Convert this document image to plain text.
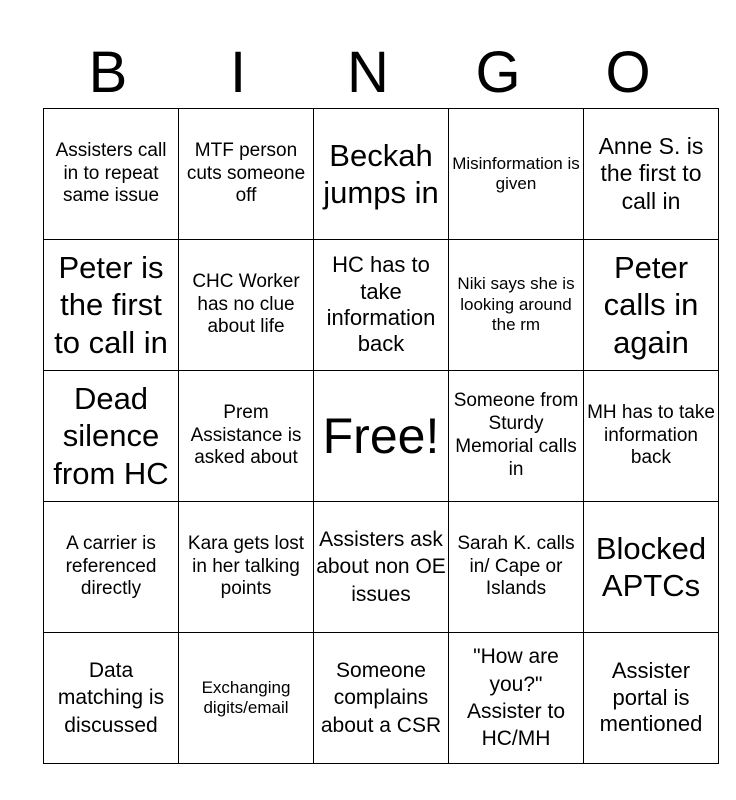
B	I	N	G	O
Assisters call in to repeat same issue	MTF person cuts someone off	Beckah jumps in	Misinformation is given	Anne S. is the first to call in
Peter is the first to call in	CHC Worker has no clue about life	HC has to take information back	Niki says she is looking around the rm	Peter calls in again
Dead silence from HC	Prem Assistance is asked about	Free!	Someone from Sturdy Memorial calls in	MH has to take information back
A carrier is referenced directly	Kara gets lost in her talking points	Assisters ask about non OE issues	Sarah K. calls in/ Cape or Islands	Blocked APTCs
Data matching is discussed	Exchanging digits/email	Someone complains about a CSR	"How are you?" Assister to HC/MH	Assister portal is mentioned
